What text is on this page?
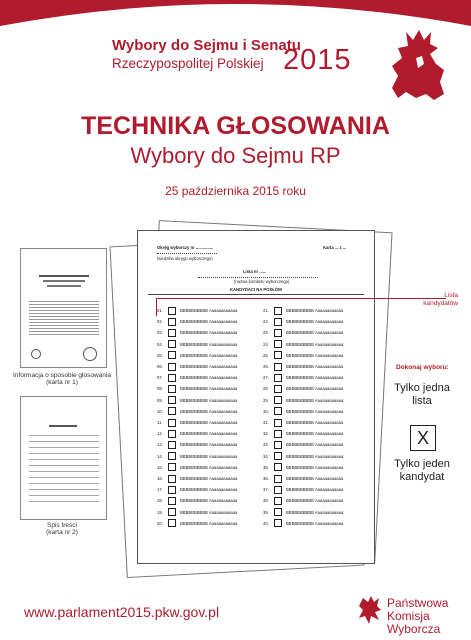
Wybory do Sejmu i Senatu
Rzeczypospolitej Polskiej 2015
TECHNIKA GŁOSOWANIA
Wybory do Sejmu RP
25 października 2015 roku
Informacja o sposobie głosowania
(karta nr 1)
Spis treści
(karta nr 2)
Okręg wyborczy nr ...............	Karta ... z ...
(siedziba okręgu wyborczego)
Lista nr ......
(nazwa komitetu wyborczego)
KANDYDACI NA POSŁÓW
01.	BBBBBBBBBB Aaaaaaaaaaaa
02.	BBBBBBBBBB Aaaaaaaaaaaa
03.	BBBBBBBBBB Aaaaaaaaaaaa
04.	BBBBBBBBBB Aaaaaaaaaaaa
05.	BBBBBBBBBB Aaaaaaaaaaaa
06.	BBBBBBBBBB Aaaaaaaaaaaa
07.	BBBBBBBBBB Aaaaaaaaaaaa
08.	BBBBBBBBBB Aaaaaaaaaaaa
09.	BBBBBBBBBB Aaaaaaaaaaaa
10.	BBBBBBBBBB Aaaaaaaaaaaa
11.	BBBBBBBBBB Aaaaaaaaaaaa
12.	BBBBBBBBBB Aaaaaaaaaaaa
13.	BBBBBBBBBB Aaaaaaaaaaaa
14.	BBBBBBBBBB Aaaaaaaaaaaa
15.	BBBBBBBBBB Aaaaaaaaaaaa
16.	BBBBBBBBBB Aaaaaaaaaaaa
17.	BBBBBBBBBB Aaaaaaaaaaaa
18.	BBBBBBBBBB Aaaaaaaaaaaa
19.	BBBBBBBBBB Aaaaaaaaaaaa
20.	BBBBBBBBBB Aaaaaaaaaaaa
21.	BBBBBBBBBB Aaaaaaaaaaaa
22.	BBBBBBBBBB Aaaaaaaaaaaa
23.	BBBBBBBBBB Aaaaaaaaaaaa
24.	BBBBBBBBBB Aaaaaaaaaaaa
25.	BBBBBBBBBB Aaaaaaaaaaaa
26.	BBBBBBBBBB Aaaaaaaaaaaa
27.	BBBBBBBBBB Aaaaaaaaaaaa
28.	BBBBBBBBBB Aaaaaaaaaaaa
29.	BBBBBBBBBB Aaaaaaaaaaaa
30.	BBBBBBBBBB Aaaaaaaaaaaa
31.	BBBBBBBBBB Aaaaaaaaaaaa
32.	BBBBBBBBBB Aaaaaaaaaaaa
33.	BBBBBBBBBB Aaaaaaaaaaaa
34.	BBBBBBBBBB Aaaaaaaaaaaa
35.	BBBBBBBBBB Aaaaaaaaaaaa
36.	BBBBBBBBBB Aaaaaaaaaaaa
37.	BBBBBBBBBB Aaaaaaaaaaaa
38.	BBBBBBBBBB Aaaaaaaaaaaa
39.	BBBBBBBBBB Aaaaaaaaaaaa
40.	BBBBBBBBBB Aaaaaaaaaaaa
Lista
kandydatów
Dokonaj wyboru:
Tylko jedna
lista
X
Tylko jeden
kandydat
www.parlament2015.pkw.gov.pl
Państwowa
Komisja
Wyborcza
